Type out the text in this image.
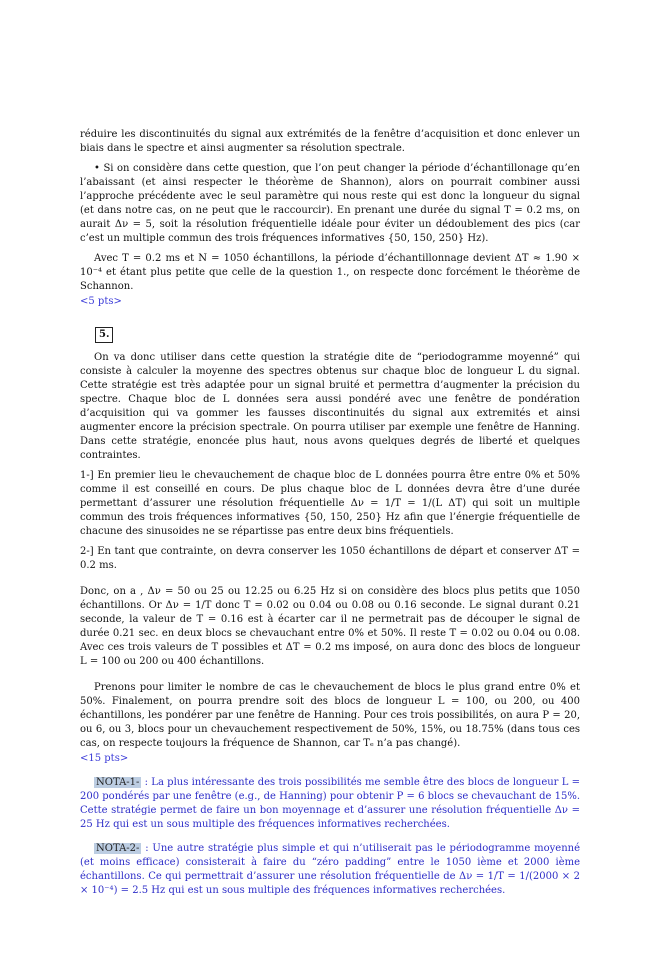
réduire les discontinuités du signal aux extrémités de la fenêtre d’acquisition et donc enlever un biais dans le spectre et ainsi augmenter sa résolution spectrale.

• Si on considère dans cette question, que l’on peut changer la période d’échantillonage qu’en l’abaissant (et ainsi respecter le théorème de Shannon), alors on pourrait combiner aussi l’approche précédente avec le seul paramètre qui nous reste qui est donc la longueur du signal (et dans notre cas, on ne peut que le raccourcir). En prenant une durée du signal T = 0.2 ms, on aurait Δν = 5, soit la résolution fréquentielle idéale pour éviter un dédoublement des pics (car c’est un multiple commun des trois fréquences informatives {50, 150, 250} Hz).

Avec T = 0.2 ms et N = 1050 échantillons, la période d’échantillonnage devient ΔT ≈ 1.90 × 10⁻⁴ et étant plus petite que celle de la question 1., on respecte donc forcément le théorème de Schannon.

<5 pts>

5.

On va donc utiliser dans cette question la stratégie dite de “periodogramme moyenné” qui consiste à calculer la moyenne des spectres obtenus sur chaque bloc de longueur L du signal. Cette stratégie est très adaptée pour un signal bruité et permettra d’augmenter la précision du spectre. Chaque bloc de L données sera aussi pondéré avec une fenêtre de pondération d’acquisition qui va gommer les fausses discontinuités du signal aux extremités et ainsi augmenter encore la précision spectrale. On pourra utiliser par exemple une fenêtre de Hanning. Dans cette stratégie, enoncée plus haut, nous avons quelques degrés de liberté et quelques contraintes.

1-] En premier lieu le chevauchement de chaque bloc de L données pourra être entre 0% et 50% comme il est conseillé en cours. De plus chaque bloc de L données devra être d’une durée permettant d’assurer une résolution fréquentielle Δν = 1/T = 1/(L ΔT) qui soit un multiple commun des trois fréquences informatives {50, 150, 250} Hz afin que l’énergie fréquentielle de chacune des sinusoides ne se répartisse pas entre deux bins fréquentiels.

2-] En tant que contrainte, on devra conserver les 1050 échantillons de départ et conserver ΔT = 0.2 ms.

Donc, on a , Δν = 50 ou 25 ou 12.25 ou 6.25 Hz si on considère des blocs plus petits que 1050 échantillons. Or Δν = 1/T donc T = 0.02 ou 0.04 ou 0.08 ou 0.16 seconde. Le signal durant 0.21 seconde, la valeur de T = 0.16 est à écarter car il ne permetrait pas de découper le signal de durée 0.21 sec. en deux blocs se chevauchant entre 0% et 50%. Il reste T = 0.02 ou 0.04 ou 0.08. Avec ces trois valeurs de T possibles et ΔT = 0.2 ms imposé, on aura donc des blocs de longueur L = 100 ou 200 ou 400 échantillons.

Prenons pour limiter le nombre de cas le chevauchement de blocs le plus grand entre 0% et 50%. Finalement, on pourra prendre soit des blocs de longueur L = 100, ou 200, ou 400 échantillons, les pondérer par une fenêtre de Hanning. Pour ces trois possibilités, on aura P = 20, ou 6, ou 3, blocs pour un chevauchement respectivement de 50%, 15%, ou 18.75% (dans tous ces cas, on respecte toujours la fréquence de Shannon, car Tₑ n’a pas changé).

<15 pts>

NOTA-1- : La plus intéressante des trois possibilités me semble être des blocs de longueur L = 200 pondérés par une fenêtre (e.g., de Hanning) pour obtenir P = 6 blocs se chevauchant de 15%. Cette stratégie permet de faire un bon moyennage et d’assurer une résolution fréquentielle Δν = 25 Hz qui est un sous multiple des fréquences informatives recherchées.

NOTA-2- : Une autre stratégie plus simple et qui n’utiliserait pas le périodogramme moyenné (et moins efficace) consisterait à faire du “zéro padding” entre le 1050 ième et 2000 ième échantillons. Ce qui permettrait d’assurer une résolution fréquentielle de Δν = 1/T = 1/(2000 × 2 × 10⁻⁴) = 2.5 Hz qui est un sous multiple des fréquences informatives recherchées.
